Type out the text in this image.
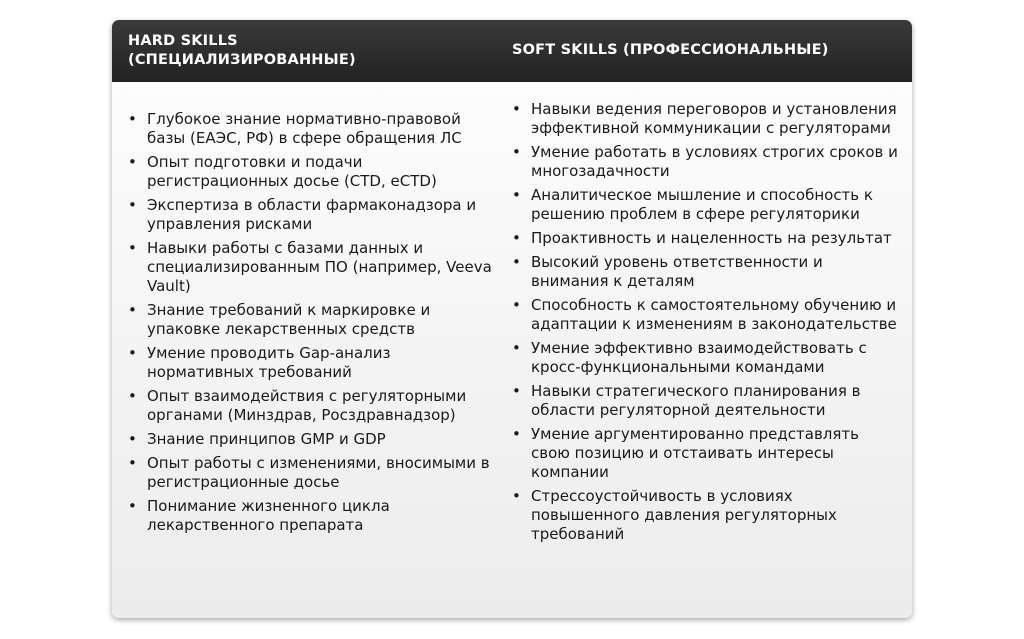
HARD SKILLS
(СПЕЦИАЛИЗИРОВАННЫЕ)
SOFT SKILLS (ПРОФЕССИОНАЛЬНЫЕ)
• Глубокое знание нормативно-правовой базы (ЕАЭС, РФ) в сфере обращения ЛС
• Опыт подготовки и подачи регистрационных досье (CTD, eCTD)
• Экспертиза в области фармаконадзора и управления рисками
• Навыки работы с базами данных и специализированным ПО (например, Veeva Vault)
• Знание требований к маркировке и упаковке лекарственных средств
• Умение проводить Gap-анализ нормативных требований
• Опыт взаимодействия с регуляторными органами (Минздрав, Росздравнадзор)
• Знание принципов GMP и GDP
• Опыт работы с изменениями, вносимыми в регистрационные досье
• Понимание жизненного цикла лекарственного препарата
• Навыки ведения переговоров и установления эффективной коммуникации с регуляторами
• Умение работать в условиях строгих сроков и многозадачности
• Аналитическое мышление и способность к решению проблем в сфере регуляторики
• Проактивность и нацеленность на результат
• Высокий уровень ответственности и внимания к деталям
• Способность к самостоятельному обучению и адаптации к изменениям в законодательстве
• Умение эффективно взаимодействовать с кросс-функциональными командами
• Навыки стратегического планирования в области регуляторной деятельности
• Умение аргументированно представлять свою позицию и отстаивать интересы компании
• Стрессоустойчивость в условиях повышенного давления регуляторных требований
